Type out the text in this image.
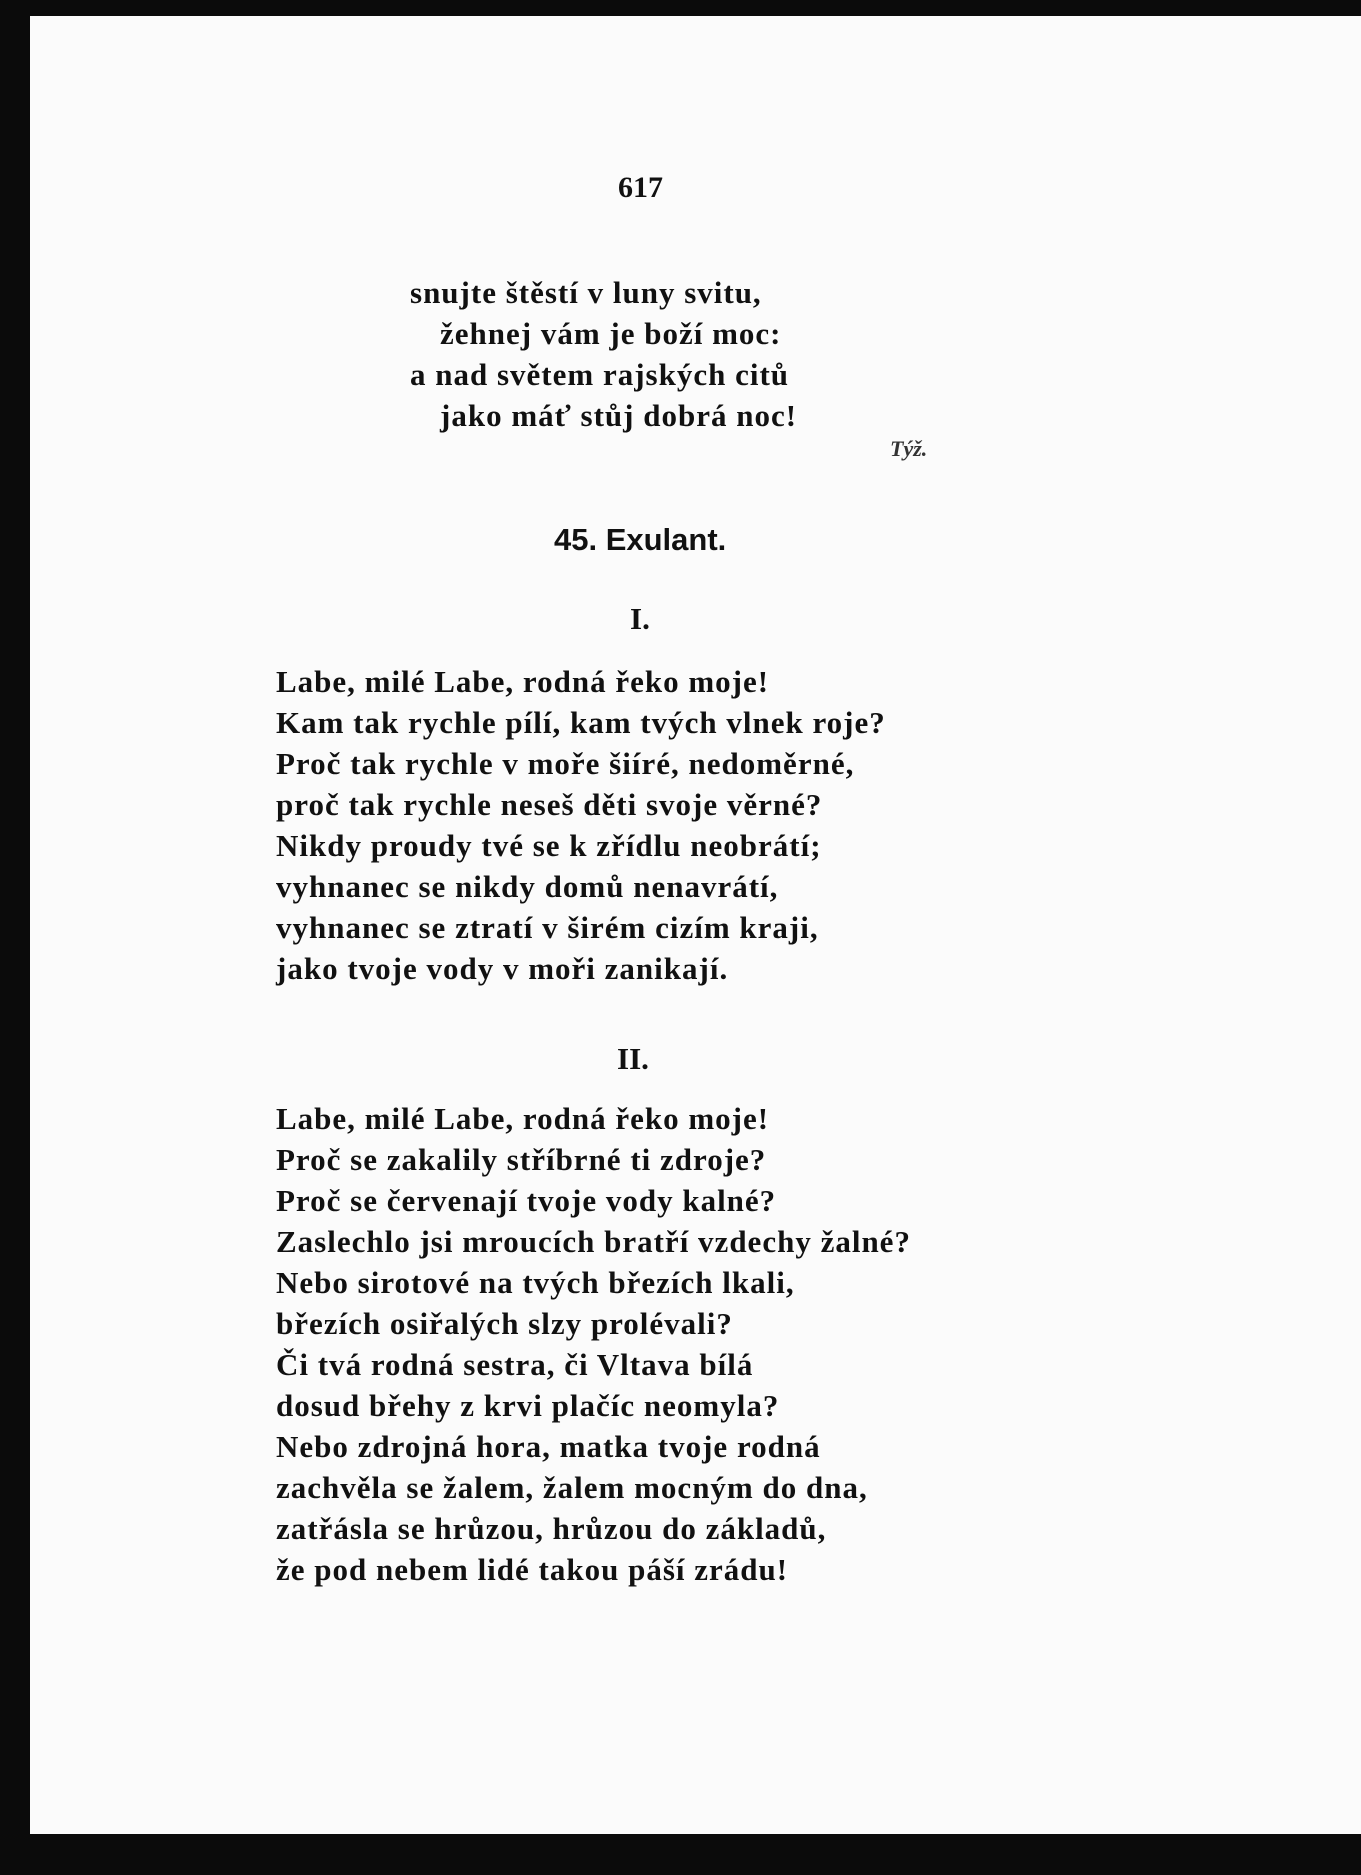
617
snujte štěstí v luny svitu,
žehnej vám je boží moc:
a nad světem rajských citů
jako máť stůj dobrá noc!
Týž.
45. Exulant.
I.
Labe, milé Labe, rodná řeko moje!
Kam tak rychle pílí, kam tvých vlnek roje?
Proč tak rychle v moře šiíré, nedoměrné,
proč tak rychle neseš děti svoje věrné?
Nikdy proudy tvé se k zřídlu neobrátí;
vyhnanec se nikdy domů nenavrátí,
vyhnanec se ztratí v širém cizím kraji,
jako tvoje vody v moři zanikají.
II.
Labe, milé Labe, rodná řeko moje!
Proč se zakalily stříbrné ti zdroje?
Proč se červenají tvoje vody kalné?
Zaslechlo jsi mroucích bratří vzdechy žalné?
Nebo sirotové na tvých březích lkali,
březích osiřalých slzy prolévali?
Či tvá rodná sestra, či Vltava bílá
dosud břehy z krvi plačíc neomyla?
Nebo zdrojná hora, matka tvoje rodná
zachvěla se žalem, žalem mocným do dna,
zatřásla se hrůzou, hrůzou do základů,
že pod nebem lidé takou páší zrádu!
